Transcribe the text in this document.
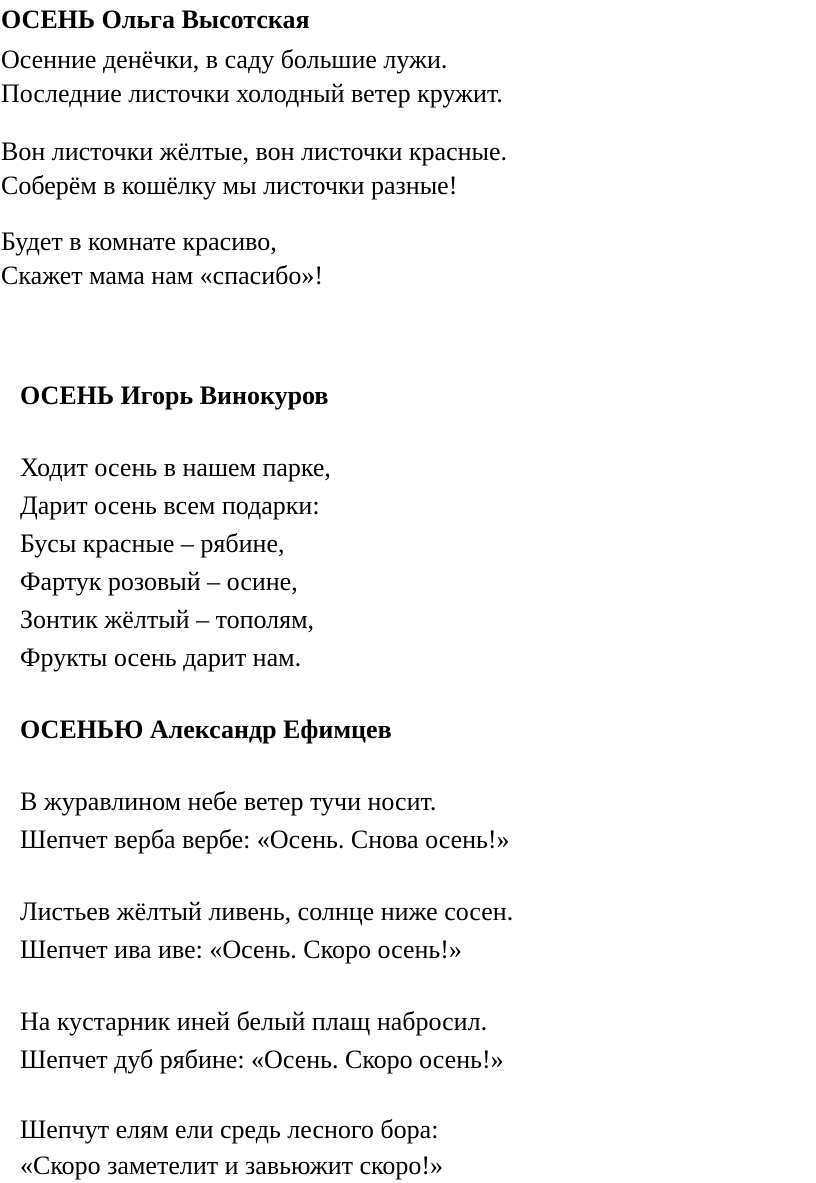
ОСЕНЬ Ольга Высотская

Осенние денёчки, в саду большие лужи.

Последние листочки холодный ветер кружит.

Вон листочки жёлтые, вон листочки красные.

Соберём в кошёлку мы листочки разные!

Будет в комнате красиво,

Скажет мама нам «спасибо»!

ОСЕНЬ Игорь Винокуров

Ходит осень в нашем парке,

Дарит осень всем подарки:

Бусы красные – рябине,

Фартук розовый – осине,

Зонтик жёлтый – тополям,

Фрукты осень дарит нам.

ОСЕНЬЮ Александр Ефимцев

В журавлином небе ветер тучи носит.

Шепчет верба вербе: «Осень. Снова осень!»

Листьев жёлтый ливень, солнце ниже сосен.

Шепчет ива иве: «Осень. Скоро осень!»

На кустарник иней белый плащ набросил.

Шепчет дуб рябине: «Осень. Скоро осень!»

Шепчут елям ели средь лесного бора:

«Скоро заметелит и завьюжит скоро!»
